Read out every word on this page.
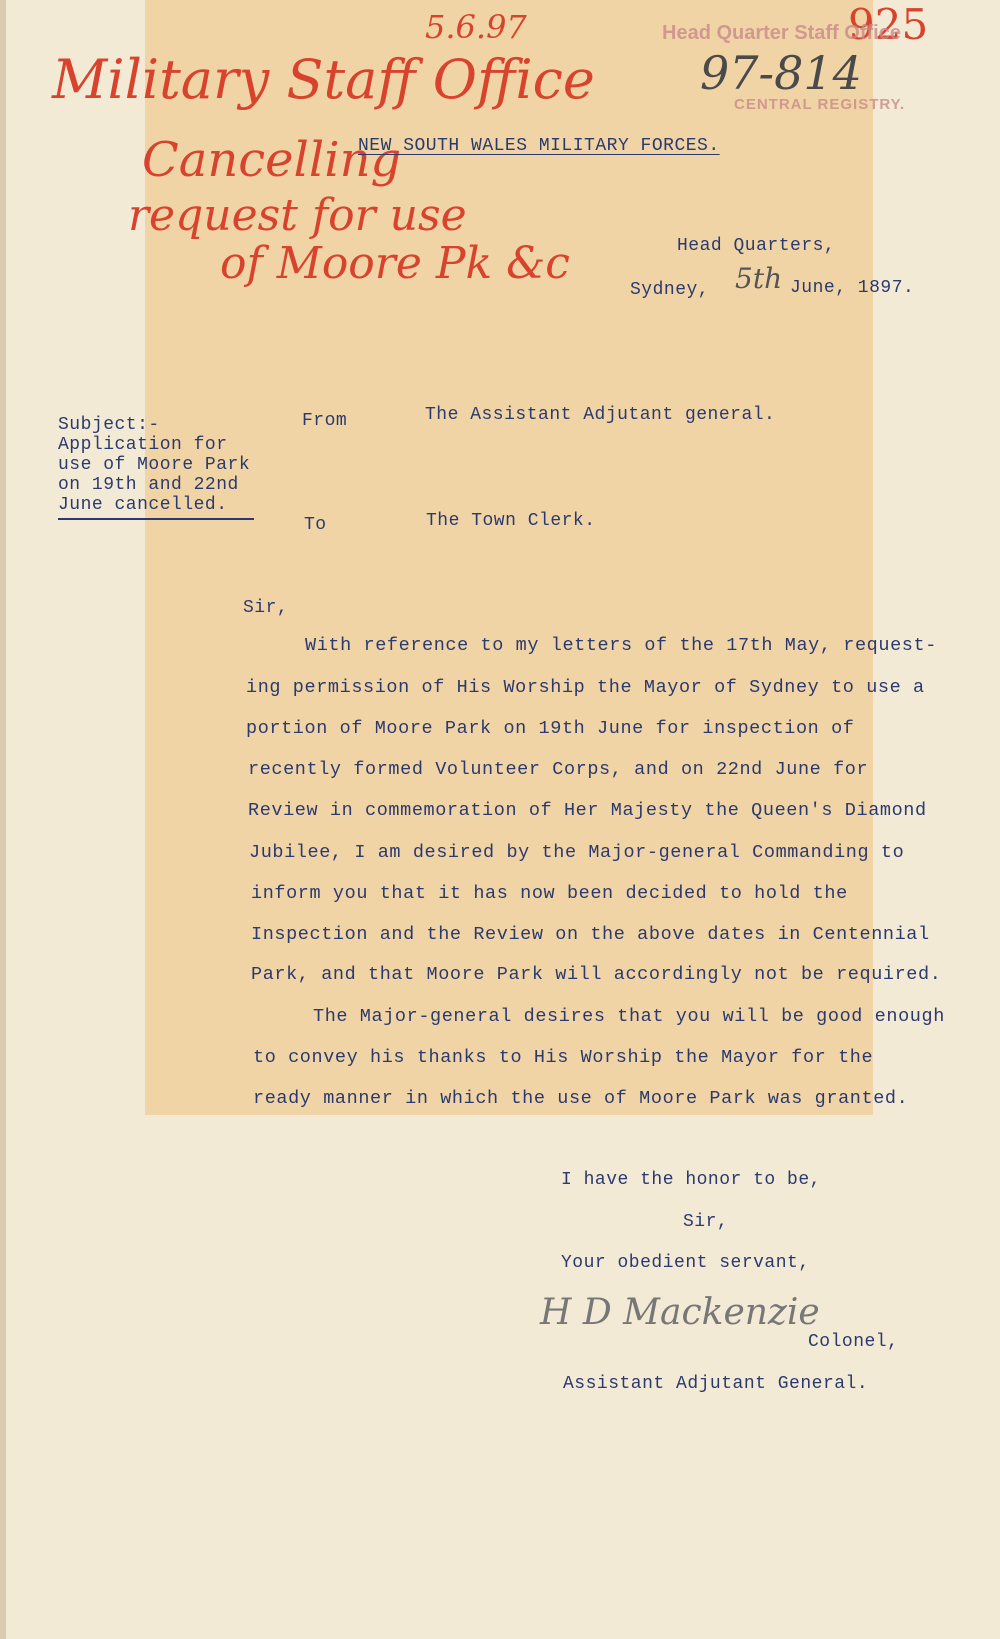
5.6.97	925
97-814
Military Staff Office
Cancelling
request for use
of Moore Pk &c
Head Quarter Staff Office
CENTRAL REGISTRY.
NEW SOUTH WALES MILITARY FORCES.
Head Quarters,
Sydney, 5th June, 1897.
Subject:-
Application for
use of Moore Park
on 19th and 22nd
June cancelled.
From	The Assistant Adjutant general.
To	The Town Clerk.
Sir,
With reference to my letters of the 17th May, request-
ing permission of His Worship the Mayor of Sydney to use a
portion of Moore Park on 19th June for inspection of
recently formed Volunteer Corps, and on 22nd June for
Review in commemoration of Her Majesty the Queen's Diamond
Jubilee, I am desired by the Major-general Commanding to
inform you that it has now been decided to hold the
Inspection and the Review on the above dates in Centennial
Park, and that Moore Park will accordingly not be required.
The Major-general desires that you will be good enough
to convey his thanks to His Worship the Mayor for the
ready manner in which the use of Moore Park was granted.
I have the honor to be,
Sir,
Your obedient servant,
H D Mackenzie
Colonel,
Assistant Adjutant General.
